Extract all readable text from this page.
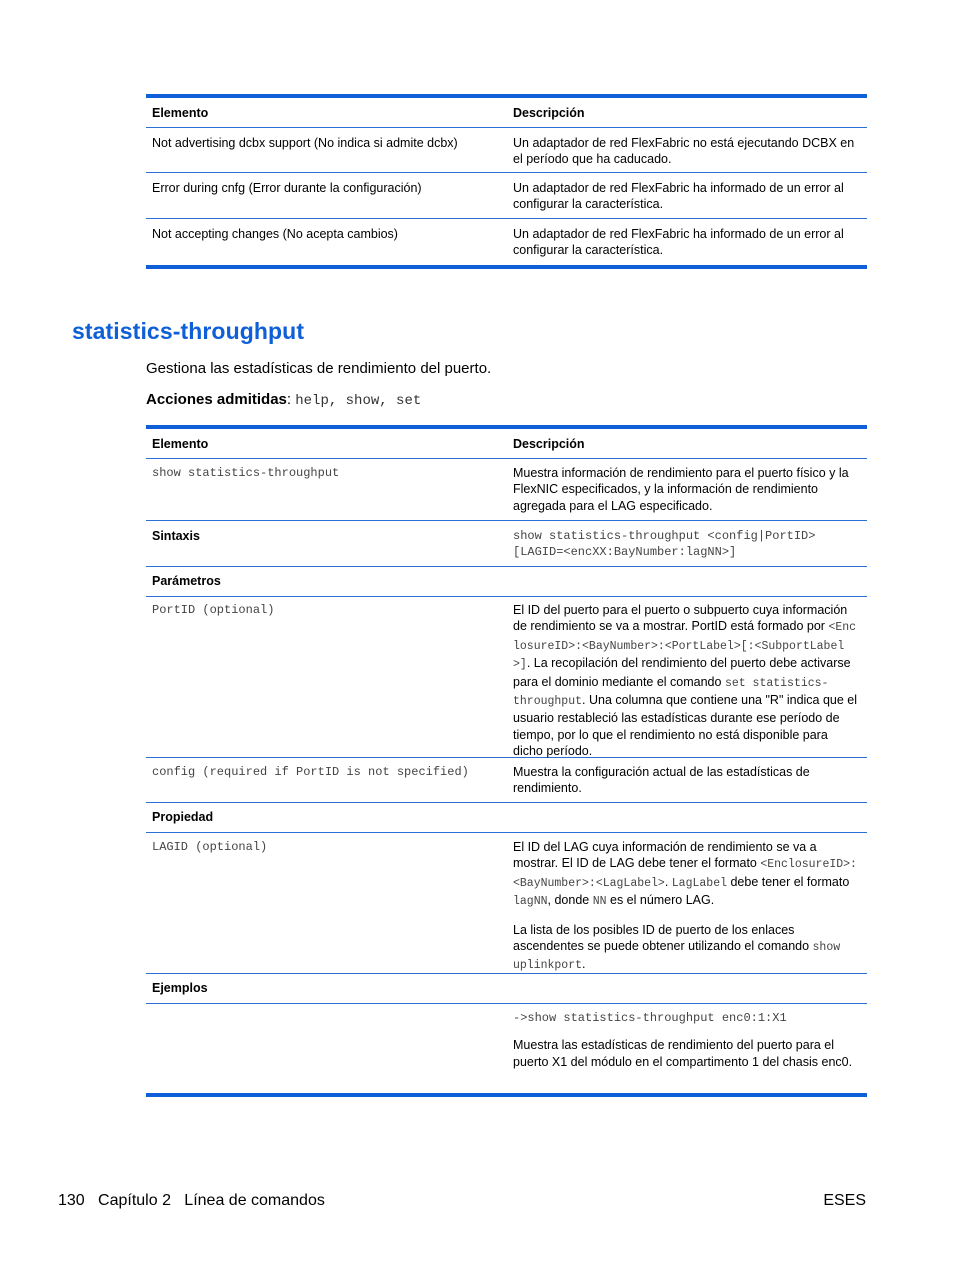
Elemento	Descripción
Not advertising dcbx support (No indica si admite dcbx)	Un adaptador de red FlexFabric no está ejecutando DCBX en el período que ha caducado.
Error during cnfg (Error durante la configuración)	Un adaptador de red FlexFabric ha informado de un error al configurar la característica.
Not accepting changes (No acepta cambios)	Un adaptador de red FlexFabric ha informado de un error al configurar la característica.
statistics-throughput
Gestiona las estadísticas de rendimiento del puerto.
Acciones admitidas: help, show, set
Elemento	Descripción
show statistics-throughput	Muestra información de rendimiento para el puerto físico y la FlexNIC especificados, y la información de rendimiento agregada para el LAG especificado.
Sintaxis	show statistics-throughput <config|PortID> [LAGID=<encXX:BayNumber:lagNN>]
Parámetros
PortID (optional)	El ID del puerto para el puerto o subpuerto cuya información de rendimiento se va a mostrar. PortID está formado por <EnclosureID>:<BayNumber>:<PortLabel>[:<SubportLabel>]. La recopilación del rendimiento del puerto debe activarse para el dominio mediante el comando set statistics-throughput. Una columna que contiene una "R" indica que el usuario restableció las estadísticas durante ese período de tiempo, por lo que el rendimiento no está disponible para dicho período.
config (required if PortID is not specified)	Muestra la configuración actual de las estadísticas de rendimiento.
Propiedad
LAGID (optional)	El ID del LAG cuya información de rendimiento se va a mostrar. El ID de LAG debe tener el formato <EnclosureID>:<BayNumber>:<LagLabel>. LagLabel debe tener el formato lagNN, donde NN es el número LAG.
La lista de los posibles ID de puerto de los enlaces ascendentes se puede obtener utilizando el comando show uplinkport.
Ejemplos
->show statistics-throughput enc0:1:X1
Muestra las estadísticas de rendimiento del puerto para el puerto X1 del módulo en el compartimento 1 del chasis enc0.
130   Capítulo 2   Línea de comandos	ESES
